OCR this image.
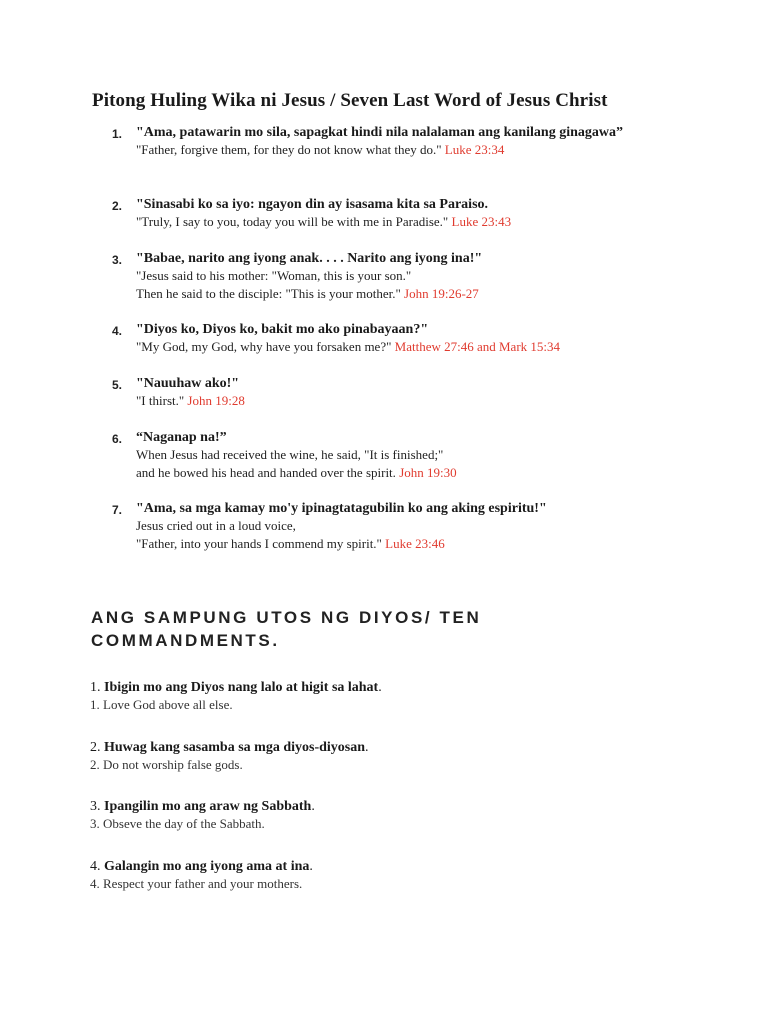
Pitong Huling Wika ni Jesus / Seven Last Word of Jesus Christ
1. "Ama, patawarin mo sila, sapagkat hindi nila nalalaman ang kanilang ginagawa”
"Father, forgive them, for they do not know what they do." Luke 23:34
2. "Sinasabi ko sa iyo: ngayon din ay isasama kita sa Paraiso.
"Truly, I say to you, today you will be with me in Paradise." Luke 23:43
3. "Babae, narito ang iyong anak. . . . Narito ang iyong ina!"
"Jesus said to his mother: "Woman, this is your son."
Then he said to the disciple: "This is your mother." John 19:26-27
4. "Diyos ko, Diyos ko, bakit mo ako pinabayaan?"
"My God, my God, why have you forsaken me?" Matthew 27:46 and Mark 15:34
5. "Nauuhaw ako!"
"I thirst." John 19:28
6. “Naganap na!”
When Jesus had received the wine, he said, "It is finished;"
and he bowed his head and handed over the spirit. John 19:30
7. "Ama, sa mga kamay mo'y ipinagtatagubilin ko ang aking espiritu!"
Jesus cried out in a loud voice,
"Father, into your hands I commend my spirit." Luke 23:46
ANG SAMPUNG UTOS NG DIYOS/ TEN COMMANDMENTS.
1. Ibigin mo ang Diyos nang lalo at higit sa lahat.
1. Love God above all else.
2. Huwag kang sasamba sa mga diyos-diyosan.
2. Do not worship false gods.
3. Ipangilin mo ang araw ng Sabbath.
3. Obseve the day of the Sabbath.
4. Galangin mo ang iyong ama at ina.
4. Respect your father and your mothers.
